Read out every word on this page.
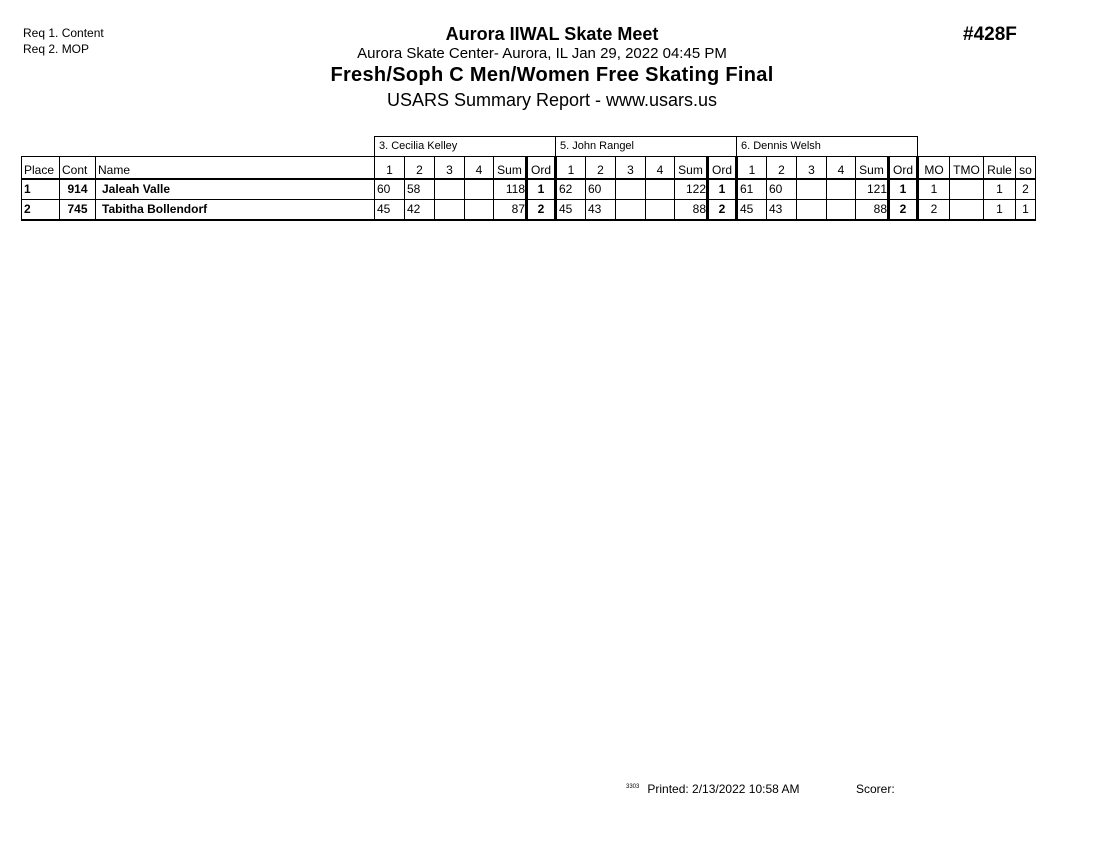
Req 1. Content
Req 2. MOP
#428F
Aurora IIWAL Skate Meet
Aurora Skate Center- Aurora, IL Jan 29, 2022 04:45 PM
Fresh/Soph C Men/Women Free Skating Final
USARS Summary Report - www.usars.us
			3. Cecilia Kelley						5. John Rangel						6. Dennis Welsh									
Place	Cont	Name	1	2	3	4	Sum	Ord	1	2	3	4	Sum	Ord	1	2	3	4	Sum	Ord	MO	TMO	Rule	so
1	914	Jaleah Valle	60	58			118	1	62	60			122	1	61	60			121	1	1		1	2
2	745	Tabitha Bollendorf	45	42			87	2	45	43			88	2	45	43			88	2	2		1	1
$^{3303}$ Printed: 2/13/2022 10:58 AM	Scorer:
